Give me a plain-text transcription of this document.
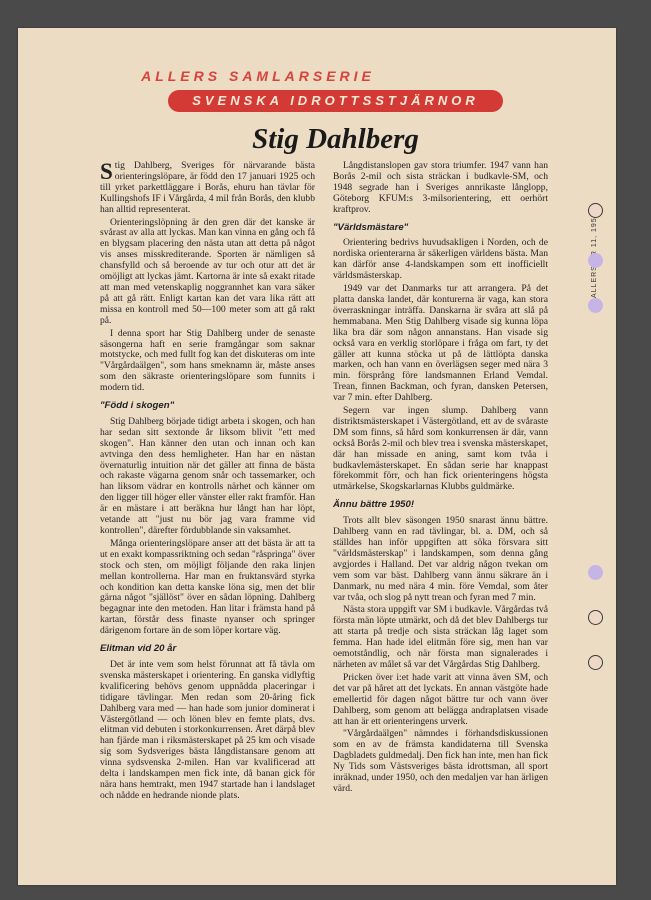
ALLERS SAMLARSERIE
SVENSKA IDROTTSSTJÄRNOR
Stig Dahlberg

Stig Dahlberg, Sveriges för närvarande bästa orienteringslöpare, är född den 17 januari 1925 och till yrket parkettläggare i Borås, ehuru han tävlar för Kullingshofs IF i Vårgårda, 4 mil från Borås, den klubb han alltid representerat.

Orienteringslöpning är den gren där det kanske är svårast av alla att lyckas. Man kan vinna en gång och få en blygsam placering den nästa utan att detta på något vis anses misskrediterande. Sporten är nämligen så chansfylld och så beroende av tur och otur att det är omöjligt att lyckas jämt. Kartorna är inte så exakt ritade att man med vetenskaplig noggrannhet kan vara säker på att gå rätt. Enligt kartan kan det vara lika rätt att missa en kontroll med 50—100 meter som att gå rakt på.

I denna sport har Stig Dahlberg under de senaste säsongerna haft en serie framgångar som saknar motstycke, och med fullt fog kan det diskuteras om inte "Vårgårdaälgen", som hans smeknamn är, måste anses som den säkraste orienteringslöpare som funnits i modern tid.

"Född i skogen"

Stig Dahlberg började tidigt arbeta i skogen, och han har sedan sitt sextonde år liksom blivit "ett med skogen". Han känner den utan och innan och kan avtvinga den dess hemligheter. Han har en nästan övernaturlig intuition när det gäller att finna de bästa och rakaste vägarna genom snår och tassemarker, och han liksom vädrar en kontrolls närhet och känner om den ligger till höger eller vänster eller rakt framför. Han är en mästare i att beräkna hur långt han har löpt, vetande att "just nu bör jag vara framme vid kontrollen", därefter fördubblande sin vaksamhet.

Många orienteringslöpare anser att det bästa är att ta ut en exakt kompassriktning och sedan "råspringa" över stock och sten, om möjligt följande den raka linjen mellan kontrollerna. Har man en fruktansvärd styrka och kondition kan detta kanske löna sig, men det blir gärna något "själlöst" över en sådan löpning. Dahlberg begagnar inte den metoden. Han litar i främsta hand på kartan, förstår dess finaste nyanser och springer därigenom fortare än de som löper kortare väg.

Elitman vid 20 år

Det är inte vem som helst förunnat att få tävla om svenska mästerskapet i orientering. En ganska vidlyftig kvalificering behövs genom uppnådda placeringar i tidigare tävlingar. Men redan som 20-åring fick Dahlberg vara med — han hade som junior dominerat i Västergötland — och lönen blev en femte plats, dvs. elitman vid debuten i storkonkurrensen. Året därpå blev han fjärde man i riksmästerskapet på 25 km och visade sig som Sydsveriges bästa långdistansare genom att vinna sydsvenska 2-milen. Han var kvalificerad att delta i landskampen men fick inte, då banan gick för nära hans hemtrakt, men 1947 startade han i landslaget och nådde en hedrande nionde plats.

Långdistanslopen gav stora triumfer. 1947 vann han Borås 2-mil och sista sträckan i budkavle-SM, och 1948 segrade han i Sveriges annrikaste långlopp, Göteborg KFUM:s 3-milsorientering, ett oerhört kraftprov.

"Världsmästare"

Orientering bedrivs huvudsakligen i Norden, och de nordiska orienterarna är säkerligen världens bästa. Man kan därför anse 4-landskampen som ett inofficiellt världsmästerskap.

1949 var det Danmarks tur att arrangera. På det platta danska landet, där konturerna är vaga, kan stora överraskningar inträffa. Danskarna är svåra att slå på hemmabana. Men Stig Dahlberg visade sig kunna löpa lika bra där som någon annanstans. Han visade sig också vara en verklig storlöpare i fråga om fart, ty det gäller att kunna stöcka ut på de lättlöpta danska marken, och han vann en överlägsen seger med nära 3 min. försprång före landsmannen Erland Vemdal. Trean, finnen Backman, och fyran, dansken Petersen, var 7 min. efter Dahlberg.

Segern var ingen slump. Dahlberg vann distriktsmästerskapet i Västergötland, ett av de svåraste DM som finns, så hård som konkurrensen är där, vann också Borås 2-mil och blev trea i svenska mästerskapet, där han missade en aning, samt kom tvåa i budkavlemästerskapet. En sådan serie har knappast förekommit förr, och han fick orienteringens högsta utmärkelse, Skogskarlarnas Klubbs guldmärke.

Ännu bättre 1950!

Trots allt blev säsongen 1950 snarast ännu bättre. Dahlberg vann en rad tävlingar, bl. a. DM, och så ställdes han inför uppgiften att söka försvara sitt "världsmästerskap" i landskampen, som denna gång avgjordes i Halland. Det var aldrig någon tvekan om vem som var bäst. Dahlberg vann ännu säkrare än i Danmark, nu med nära 4 min. före Vemdal, som åter var tvåa, och slog på nytt trean och fyran med 7 min.

Nästa stora uppgift var SM i budkavle. Vårgårdas två första män löpte utmärkt, och då det blev Dahlbergs tur att starta på tredje och sista sträckan låg laget som femma. Han hade idel elitmän före sig, men han var oemotståndlig, och när första man signalerades i närheten av målet så var det Vårgårdas Stig Dahlberg.

Pricken över i:et hade varit att vinna även SM, och det var på håret att det lyckats. En annan västgöte hade emellertid för dagen något bättre tur och vann över Dahlberg, som genom att belägga andraplatsen visade att han är ett orienteringens urverk.

"Vårgårdaälgen" nämndes i förhandsdiskussionen som en av de främsta kandidaterna till Svenska Dagbladets guldmedalj. Den fick han inte, men han fick Ny Tids som Västsveriges bästa idrottsman, all sport inräknad, under 1950, och den medaljen var han ärligen värd.
